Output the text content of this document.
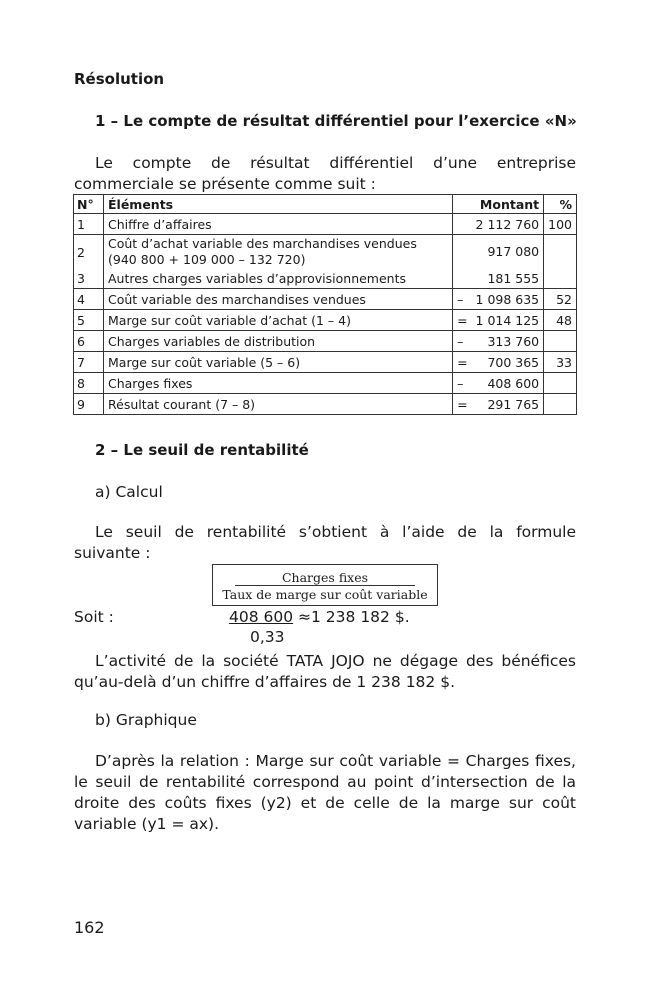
Résolution
1 – Le compte de résultat différentiel pour l’exercice «N»
Le compte de résultat différentiel d’une entreprise commerciale se présente comme suit :
N°	Éléments	Montant	%
1	Chiffre d’affaires	2 112 760	100
2	Coût d’achat variable des marchandises vendues
(940 800 + 109 000 – 132 720)	917 080	
3	Autres charges variables d’approvisionnements	181 555	
4	Coût variable des marchandises vendues	– 1 098 635	52
5	Marge sur coût variable d’achat (1 – 4)	= 1 014 125	48
6	Charges variables de distribution	– 313 760	
7	Marge sur coût variable (5 – 6)	= 700 365	33
8	Charges fixes	– 408 600	
9	Résultat courant (7 – 8)	= 291 765	
2 – Le seuil de rentabilité
a) Calcul
Le seuil de rentabilité s’obtient à l’aide de la formule suivante :
Charges fixes
Taux de marge sur coût variable
Soit :	408 600 ≈1 238 182 $.
0,33
L’activité de la société TATA JOJO ne dégage des bénéfices qu’au-delà d’un chiffre d’affaires de 1 238 182 $.
b) Graphique
D’après la relation : Marge sur coût variable = Charges fixes, le seuil de rentabilité correspond au point d’intersection de la droite des coûts fixes (y2) et de celle de la marge sur coût variable (y1 = ax).
162
